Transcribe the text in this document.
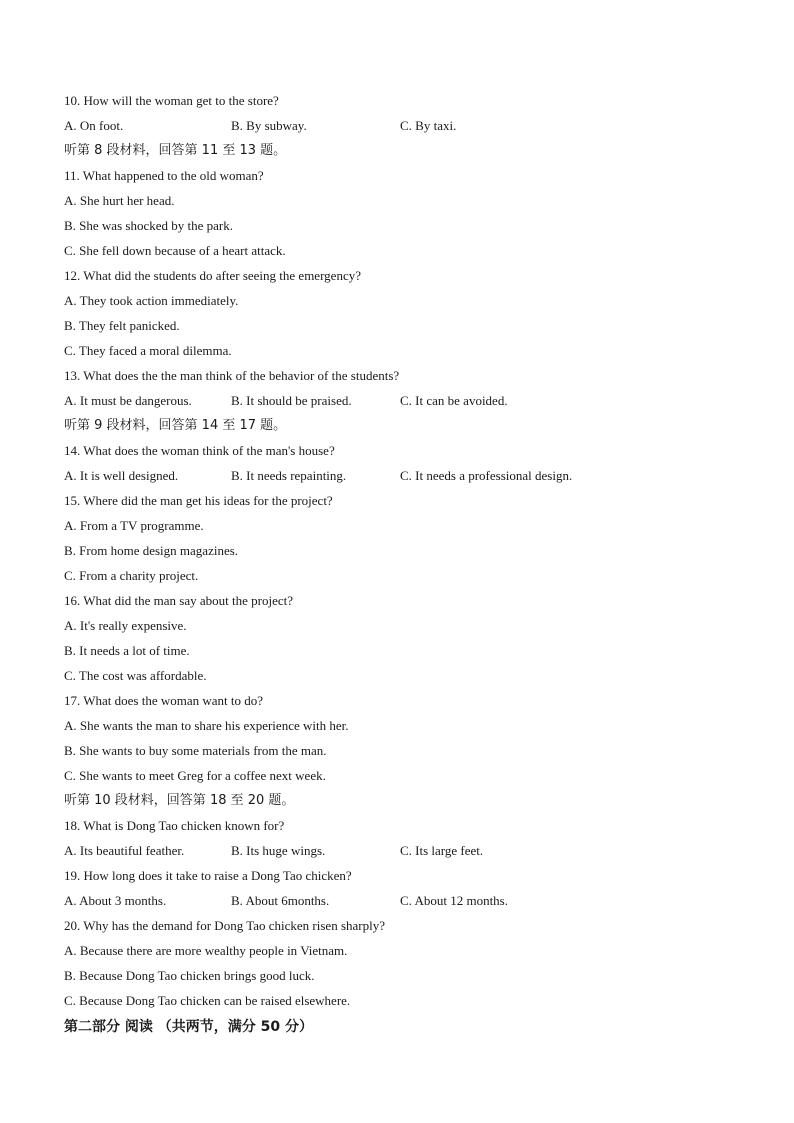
10. How will the woman get to the store?
A. On foot.	B. By subway.	C. By taxi.
听第 8 段材料，回答第 11 至 13 题。
11. What happened to the old woman?
A. She hurt her head.
B. She was shocked by the park.
C. She fell down because of a heart attack.
12. What did the students do after seeing the emergency?
A. They took action immediately.
B. They felt panicked.
C. They faced a moral dilemma.
13. What does the the man think of the behavior of the students?
A. It must be dangerous.	B. It should be praised.	C. It can be avoided.
听第 9 段材料，回答第 14 至 17 题。
14. What does the woman think of the man's house?
A. It is well designed.	B. It needs repainting.	C. It needs a professional design.
15. Where did the man get his ideas for the project?
A. From a TV programme.
B. From home design magazines.
C. From a charity project.
16. What did the man say about the project?
A. It's really expensive.
B. It needs a lot of time.
C. The cost was affordable.
17. What does the woman want to do?
A. She wants the man to share his experience with her.
B. She wants to buy some materials from the man.
C. She wants to meet Greg for a coffee next week.
听第 10 段材料，回答第 18 至 20 题。
18. What is Dong Tao chicken known for?
A. Its beautiful feather.	B. Its huge wings.	C. Its large feet.
19. How long does it take to raise a Dong Tao chicken?
A. About 3 months.	B. About 6months.	C. About 12 months.
20. Why has the demand for Dong Tao chicken risen sharply?
A. Because there are more wealthy people in Vietnam.
B. Because Dong Tao chicken brings good luck.
C. Because Dong Tao chicken can be raised elsewhere.
第二部分 阅读 （共两节，满分 50 分）
